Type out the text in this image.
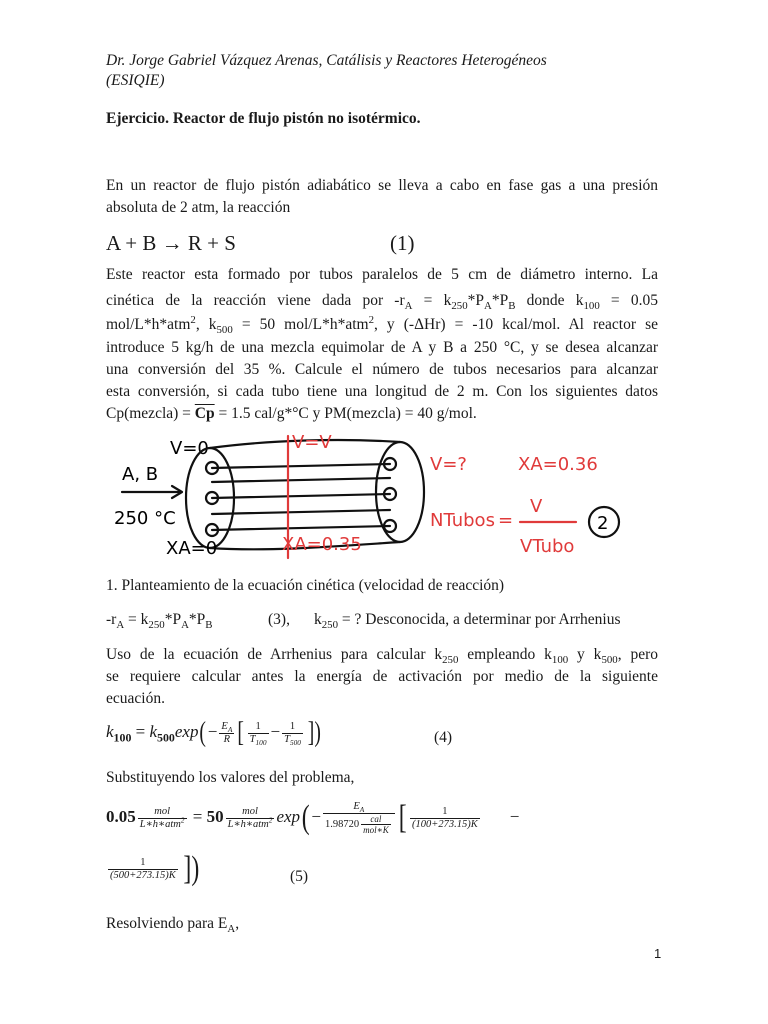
Dr. Jorge Gabriel Vázquez Arenas, Catálisis y Reactores Heterogéneos
(ESIQIE)
Ejercicio. Reactor de flujo pistón no isotérmico.
En un reactor de flujo pistón adiabático se lleva a cabo en fase gas a una presión
absoluta de 2 atm, la reacción
A + B → R + S	(1)
Este reactor esta formado por tubos paralelos de 5 cm de diámetro interno. La
cinética de la reacción viene dada por $-r_A = k_{250}*P_A*P_B$ donde $k_{100} = 0.05$
mol/L*h*atm$^2$, $k_{500} = 50$ mol/L*h*atm$^2$, y (-ΔHr) = -10 kcal/mol. Al reactor se
introduce 5 kg/h de una mezcla equimolar de A y B a 250 °C, y se desea alcanzar
una conversión del 35 %. Calcule el número de tubos necesarios para alcanzar
esta conversión, si cada tubo tiene una longitud de 2 m. Con los siguientes datos
Cp(mezcla) = $\overline{Cp} = 1.5$ cal/g*°C y PM(mezcla) = 40 g/mol.
V=0
A, B
250 °C
XA=0
V=V
XA=0.35
V=?	XA=0.36
NTubos =
V
VTubo
2
1. Planteamiento de la ecuación cinética (velocidad de reacción)
$-r_A = k_{250}*P_A*P_B$	(3), $k_{250}$ = ? Desconocida, a determinar por Arrhenius
Uso de la ecuación de Arrhenius para calcular $k_{250}$ empleando $k_{100}$ y $k_{500}$, pero
se requiere calcular antes la energía de activación por medio de la siguiente
ecuación.
$k_{100} = k_{500}\exp(- \frac{E_A}{R}$ [ $\frac{1}{T_{100}} - \frac{1}{T_{500}}$ ])	(4)
Substituyendo los valores del problema,
$0.05 \frac{\text{mol}}{L∗h∗atm^2} = 50 \frac{\text{mol}}{L∗h∗atm^2} \exp(- \frac{E_A}{1.98720 \frac{\text{cal}}{\text{mol∗K}}}$ [ $\frac{1}{(100+273.15)K}$ −
$\frac{1}{(500+273.15)K}$ ])	(5)
Resolviendo para $E_A$,
1
